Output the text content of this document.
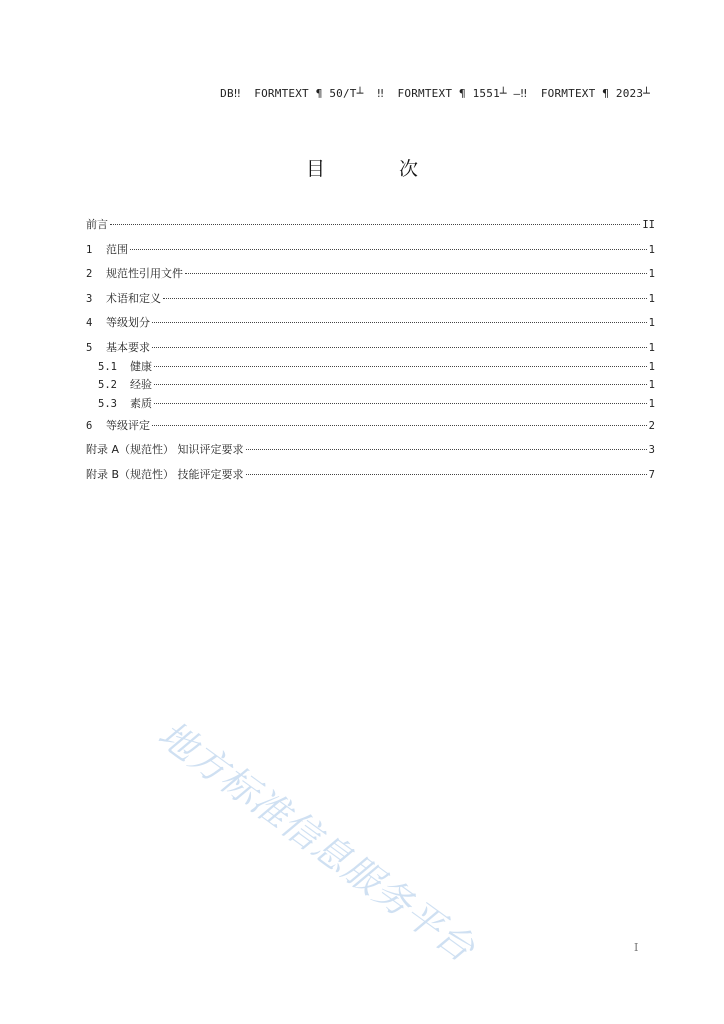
DB‼  FORMTEXT ¶ 50/T┴  ‼  FORMTEXT ¶ 1551┴ —‼  FORMTEXT ¶ 2023┴
目 次
前言	II
1	范围	1
2	规范性引用文件	1
3	术语和定义	1
4	等级划分	1
5	基本要求	1
5.1	健康	1
5.2	经验	1
5.3	素质	1
6	等级评定	2
附录 A（规范性） 知识评定要求	3
附录 B（规范性） 技能评定要求	7
地方标准信息服务平台	I
